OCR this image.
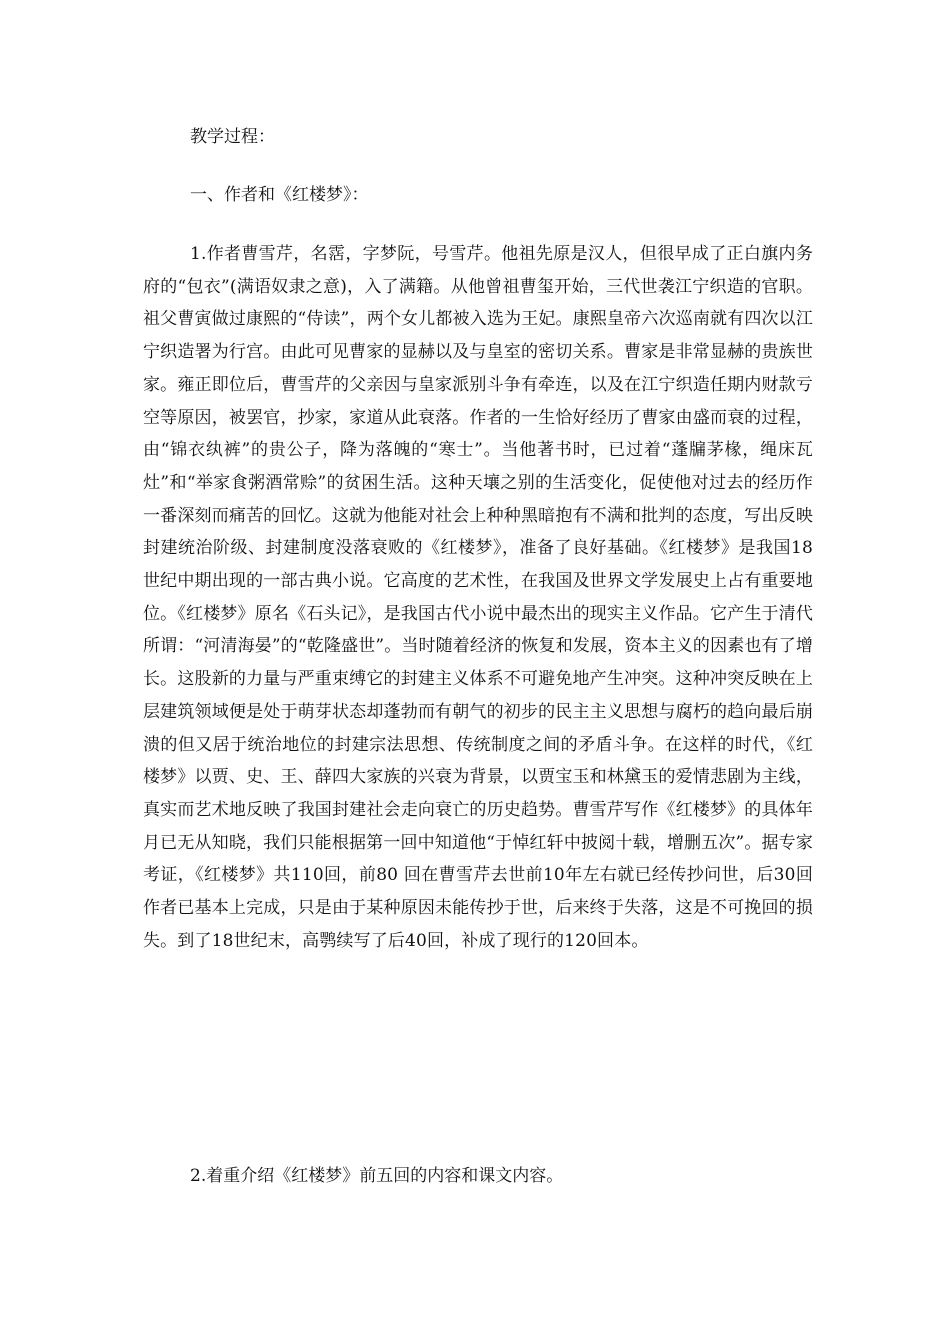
教学过程：
一、作者和《红楼梦》：

1.作者曹雪芹，名霑，字梦阮，号雪芹。他祖先原是汉人，但很早成了正白旗内务府的“包衣”(满语奴隶之意)，入了满籍。从他曾祖曹玺开始，三代世袭江宁织造的官职。祖父曹寅做过康熙的“侍读”，两个女儿都被入选为王妃。康熙皇帝六次巡南就有四次以江宁织造署为行宫。由此可见曹家的显赫以及与皇室的密切关系。曹家是非常显赫的贵族世家。雍正即位后，曹雪芹的父亲因与皇家派别斗争有牵连，以及在江宁织造任期内财款亏空等原因，被罢官，抄家，家道从此衰落。作者的一生恰好经历了曹家由盛而衰的过程，由“锦衣纨裤”的贵公子，降为落魄的“寒士”。当他著书时，已过着“蓬牖茅椽，绳床瓦灶”和“举家食粥酒常赊”的贫困生活。这种天壤之别的生活变化，促使他对过去的经历作一番深刻而痛苦的回忆。这就为他能对社会上种种黑暗抱有不满和批判的态度，写出反映封建统治阶级、封建制度没落衰败的《红楼梦》，准备了良好基础。《红楼梦》是我国18世纪中期出现的一部古典小说。它高度的艺术性，在我国及世界文学发展史上占有重要地位。《红楼梦》原名《石头记》，是我国古代小说中最杰出的现实主义作品。它产生于清代所谓：“河清海晏”的“乾隆盛世”。当时随着经济的恢复和发展，资本主义的因素也有了增长。这股新的力量与严重束缚它的封建主义体系不可避免地产生冲突。这种冲突反映在上层建筑领域便是处于萌芽状态却蓬勃而有朝气的初步的民主主义思想与腐朽的趋向最后崩溃的但又居于统治地位的封建宗法思想、传统制度之间的矛盾斗争。在这样的时代，《红楼梦》以贾、史、王、薛四大家族的兴衰为背景，以贾宝玉和林黛玉的爱情悲剧为主线，真实而艺术地反映了我国封建社会走向衰亡的历史趋势。曹雪芹写作《红楼梦》的具体年月已无从知晓，我们只能根据第一回中知道他“于悼红轩中披阅十载，增删五次”。据专家考证，《红楼梦》共110回，前80 回在曹雪芹去世前10年左右就已经传抄问世，后30回作者已基本上完成，只是由于某种原因未能传抄于世，后来终于失落，这是不可挽回的损失。到了18世纪末，高鹗续写了后40回，补成了现行的120回本。

2.着重介绍《红楼梦》前五回的内容和课文内容。
